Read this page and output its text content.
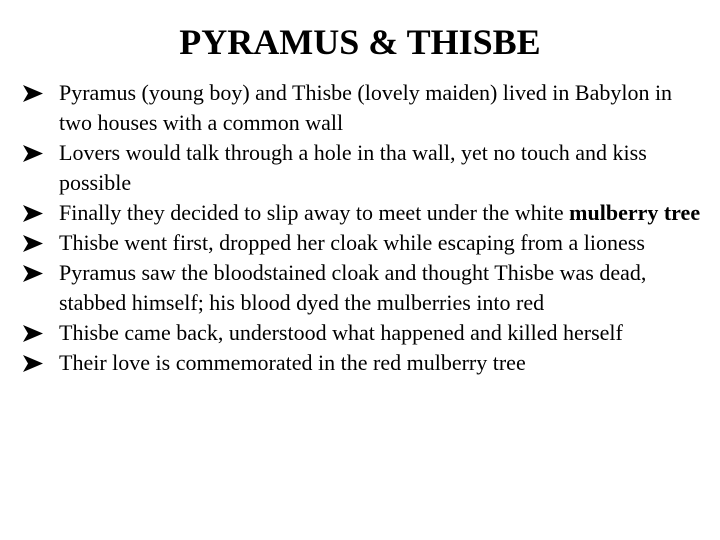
PYRAMUS & THISBE
Pyramus (young boy) and Thisbe (lovely maiden) lived in Babylon in two houses with a common wall
Lovers would talk through a hole in tha wall, yet no touch and kiss possible
Finally they decided to slip away to meet under the white mulberry tree
Thisbe went first, dropped her cloak while escaping from a lioness
Pyramus saw the bloodstained cloak and thought Thisbe was dead, stabbed himself; his blood dyed the mulberries into red
Thisbe came back, understood what happened and killed herself
Their love is commemorated in the red mulberry tree
